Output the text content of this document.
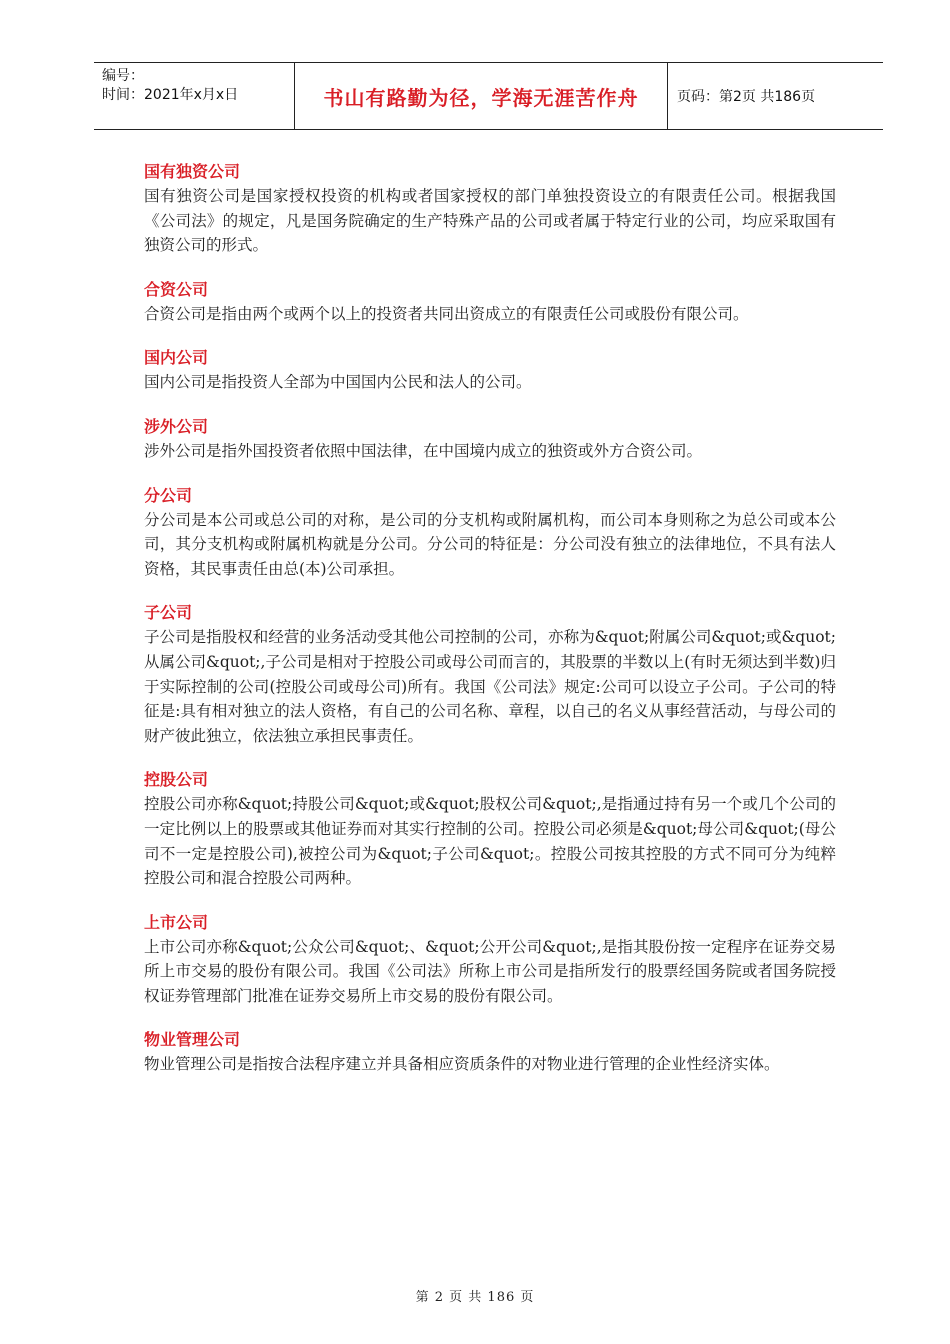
编号：
时间：2021年x月x日	书山有路勤为径，学海无涯苦作舟	页码：第2页 共186页
国有独资公司
国有独资公司是国家授权投资的机构或者国家授权的部门单独投资设立的有限责任公司。根据我国《公司法》的规定，凡是国务院确定的生产特殊产品的公司或者属于特定行业的公司，均应采取国有独资公司的形式。
合资公司
合资公司是指由两个或两个以上的投资者共同出资成立的有限责任公司或股份有限公司。
国内公司
国内公司是指投资人全部为中国国内公民和法人的公司。
涉外公司
涉外公司是指外国投资者依照中国法律，在中国境内成立的独资或外方合资公司。
分公司
分公司是本公司或总公司的对称，是公司的分支机构或附属机构，而公司本身则称之为总公司或本公司，其分支机构或附属机构就是分公司。分公司的特征是：分公司没有独立的法律地位，不具有法人资格，其民事责任由总(本)公司承担。
子公司
子公司是指股权和经营的业务活动受其他公司控制的公司，亦称为&quot;附属公司&quot;或&quot;从属公司&quot;,子公司是相对于控股公司或母公司而言的，其股票的半数以上(有时无须达到半数)归于实际控制的公司(控股公司或母公司)所有。我国《公司法》规定:公司可以设立子公司。子公司的特征是:具有相对独立的法人资格，有自己的公司名称、章程，以自己的名义从事经营活动，与母公司的财产彼此独立，依法独立承担民事责任。
控股公司
控股公司亦称&quot;持股公司&quot;或&quot;股权公司&quot;,是指通过持有另一个或几个公司的一定比例以上的股票或其他证券而对其实行控制的公司。控股公司必须是&quot;母公司&quot;(母公司不一定是控股公司),被控公司为&quot;子公司&quot;。控股公司按其控股的方式不同可分为纯粹控股公司和混合控股公司两种。
上市公司
上市公司亦称&quot;公众公司&quot;、&quot;公开公司&quot;,是指其股份按一定程序在证券交易所上市交易的股份有限公司。我国《公司法》所称上市公司是指所发行的股票经国务院或者国务院授权证券管理部门批准在证券交易所上市交易的股份有限公司。
物业管理公司
物业管理公司是指按合法程序建立并具备相应资质条件的对物业进行管理的企业性经济实体。
第 2 页 共 186 页
